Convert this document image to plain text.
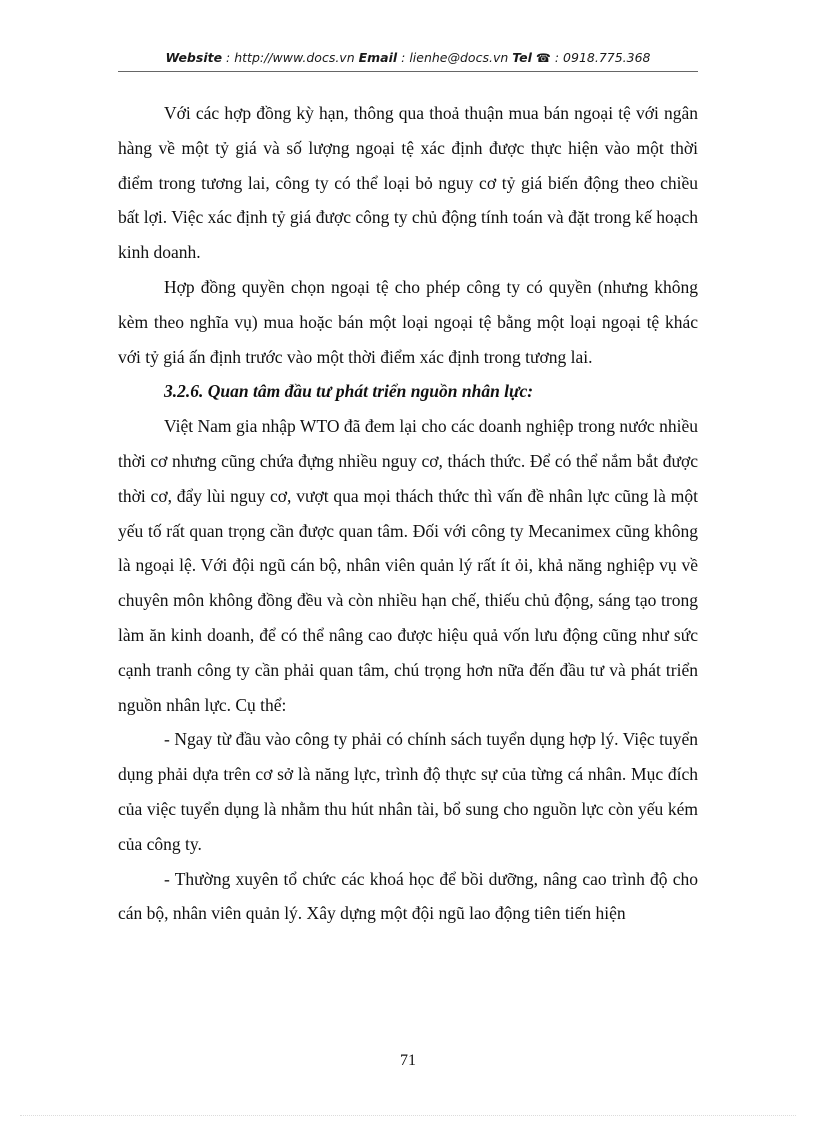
Website : http://www.docs.vn Email : lienhe@docs.vn Tel ☎ : 0918.775.368

Với các hợp đồng kỳ hạn, thông qua thoả thuận mua bán ngoại tệ với ngân hàng về một tỷ giá và số lượng ngoại tệ xác định được thực hiện vào một thời điểm trong tương lai, công ty có thể loại bỏ nguy cơ tỷ giá biến động theo chiều bất lợi. Việc xác định tỷ giá được công ty chủ động tính toán và đặt trong kế hoạch kinh doanh.

Hợp đồng quyền chọn ngoại tệ cho phép công ty có quyền (nhưng không kèm theo nghĩa vụ) mua hoặc bán một loại ngoại tệ bằng một loại ngoại tệ khác với tỷ giá ấn định trước vào một thời điểm xác định trong tương lai.

3.2.6. Quan tâm đầu tư phát triển nguồn nhân lực:

Việt Nam gia nhập WTO đã đem lại cho các doanh nghiệp trong nước nhiều thời cơ nhưng cũng chứa đựng nhiều nguy cơ, thách thức. Để có thể nắm bắt được thời cơ, đẩy lùi nguy cơ, vượt qua mọi thách thức thì vấn đề nhân lực cũng là một yếu tố rất quan trọng cần được quan tâm. Đối với công ty Mecanimex cũng không là ngoại lệ. Với đội ngũ cán bộ, nhân viên quản lý rất ít ỏi, khả năng nghiệp vụ về chuyên môn không đồng đều và còn nhiều hạn chế, thiếu chủ động, sáng tạo trong làm ăn kinh doanh, để có thể nâng cao được hiệu quả vốn lưu động cũng như sức cạnh tranh công ty cần phải quan tâm, chú trọng hơn nữa đến đầu tư và phát triển nguồn nhân lực. Cụ thể:

- Ngay từ đầu vào công ty phải có chính sách tuyển dụng hợp lý. Việc tuyển dụng phải dựa trên cơ sở là năng lực, trình độ thực sự của từng cá nhân. Mục đích của việc tuyển dụng là nhằm thu hút nhân tài, bổ sung cho nguồn lực còn yếu kém của công ty.

- Thường xuyên tổ chức các khoá học để bồi dưỡng, nâng cao trình độ cho cán bộ, nhân viên quản lý. Xây dựng một đội ngũ lao động tiên tiến hiện

71
